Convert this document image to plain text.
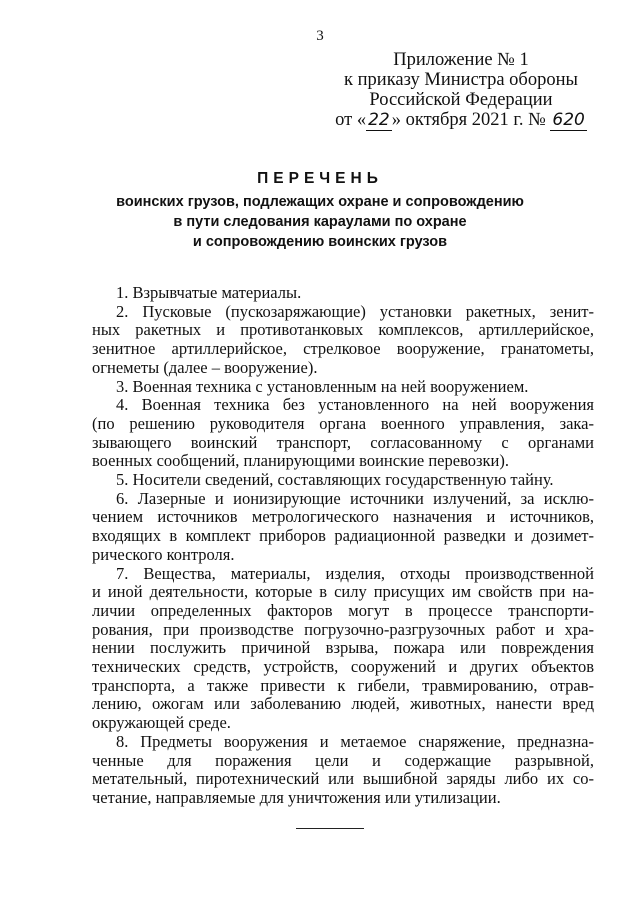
3
Приложение № 1
к приказу Министра обороны
Российской Федерации
от « 22 » октября 2021 г. № 620
ПЕРЕЧЕНЬ
воинских грузов, подлежащих охране и сопровождению
в пути следования караулами по охране
и сопровождению воинских грузов
1. Взрывчатые материалы.
2. Пусковые (пускозаряжающие) установки ракетных, зенит-
ных ракетных и противотанковых комплексов, артиллерийское,
зенитное артиллерийское, стрелковое вооружение, гранатометы,
огнеметы (далее – вооружение).
3. Военная техника с установленным на ней вооружением.
4. Военная техника без установленного на ней вооружения
(по решению руководителя органа военного управления, зака-
зывающего воинский транспорт, согласованному с органами
военных сообщений, планирующими воинские перевозки).
5. Носители сведений, составляющих государственную тайну.
6. Лазерные и ионизирующие источники излучений, за исклю-
чением источников метрологического назначения и источников,
входящих в комплект приборов радиационной разведки и дозимет-
рического контроля.
7. Вещества, материалы, изделия, отходы производственной
и иной деятельности, которые в силу присущих им свойств при на-
личии определенных факторов могут в процессе транспорти-
рования, при производстве погрузочно-разгрузочных работ и хра-
нении послужить причиной взрыва, пожара или повреждения
технических средств, устройств, сооружений и других объектов
транспорта, а также привести к гибели, травмированию, отрав-
лению, ожогам или заболеванию людей, животных, нанести вред
окружающей среде.
8. Предметы вооружения и метаемое снаряжение, предназна-
ченные для поражения цели и содержащие разрывной,
метательный, пиротехнический или вышибной заряды либо их со-
четание, направляемые для уничтожения или утилизации.
